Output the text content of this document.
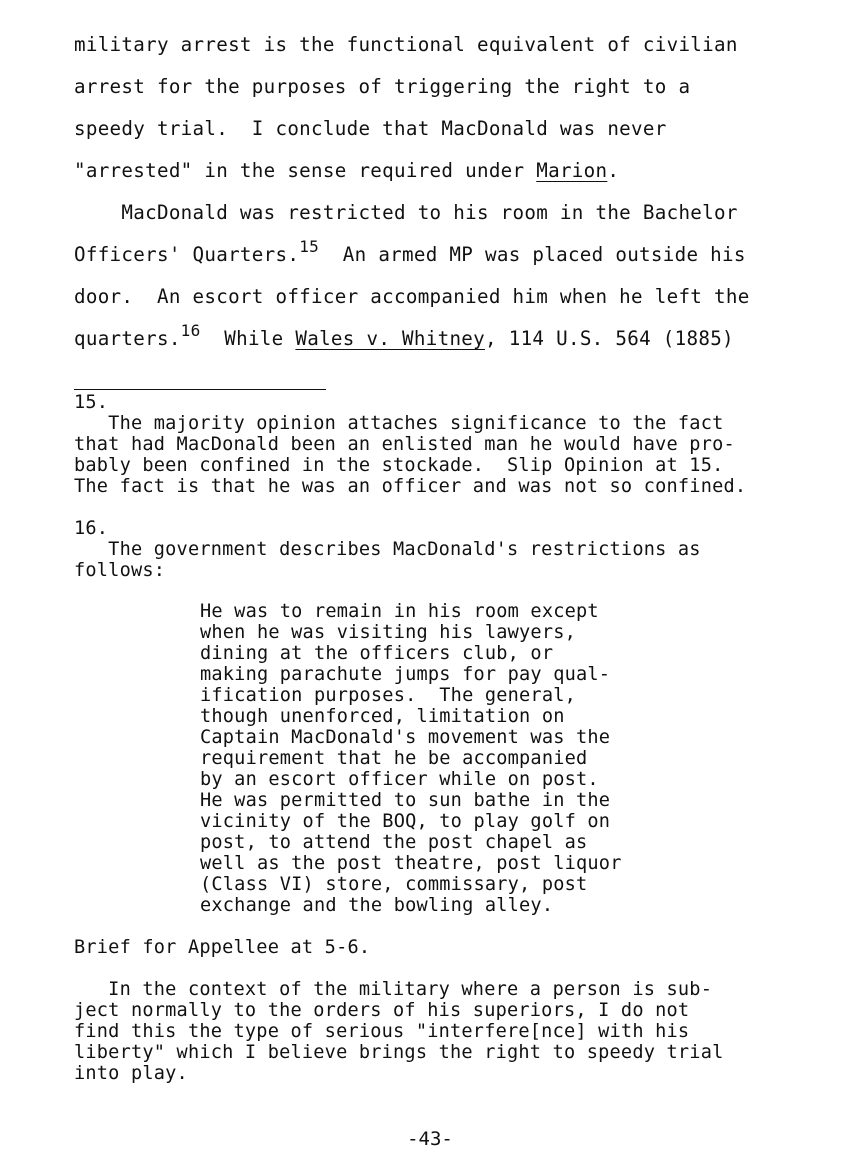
military arrest is the functional equivalent of civilian
arrest for the purposes of triggering the right to a
speedy trial.  I conclude that MacDonald was never
"arrested" in the sense required under Marion.
MacDonald was restricted to his room in the Bachelor
Officers' Quarters.$^{15}$  An armed MP was placed outside his
door.  An escort officer accompanied him when he left the
quarters.$^{16}$  While Wales v. Whitney, 114 U.S. 564 (1885)
15.
The majority opinion attaches significance to the fact
that had MacDonald been an enlisted man he would have pro-
bably been confined in the stockade.  Slip Opinion at 15.
The fact is that he was an officer and was not so confined.
16.
The government describes MacDonald's restrictions as
follows:
He was to remain in his room except
when he was visiting his lawyers,
dining at the officers club, or
making parachute jumps for pay qual-
ification purposes.  The general,
though unenforced, limitation on
Captain MacDonald's movement was the
requirement that he be accompanied
by an escort officer while on post.
He was permitted to sun bathe in the
vicinity of the BOQ, to play golf on
post, to attend the post chapel as
well as the post theatre, post liquor
(Class VI) store, commissary, post
exchange and the bowling alley.
Brief for Appellee at 5-6.
In the context of the military where a person is sub-
ject normally to the orders of his superiors, I do not
find this the type of serious "interfere[nce] with his
liberty" which I believe brings the right to speedy trial
into play.
-43-
